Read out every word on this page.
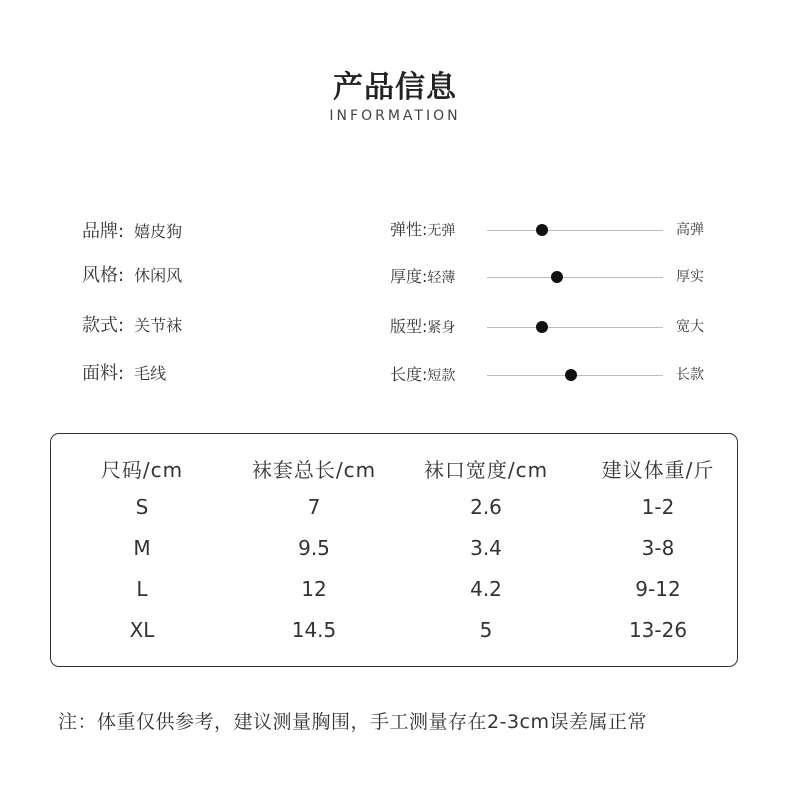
产品信息
INFORMATION
品牌: 嬉皮狗
风格: 休闲风
款式: 关节袜
面料: 毛线
弹性:无弹	高弹
厚度:轻薄	厚实
版型:紧身	宽大
长度:短款	长款
尺码/cm	袜套总长/cm	袜口宽度/cm	建议体重/斤
S	7	2.6	1-2
M	9.5	3.4	3-8
L	12	4.2	9-12
XL	14.5	5	13-26
注：体重仅供参考，建议测量胸围，手工测量存在2-3cm误差属正常
